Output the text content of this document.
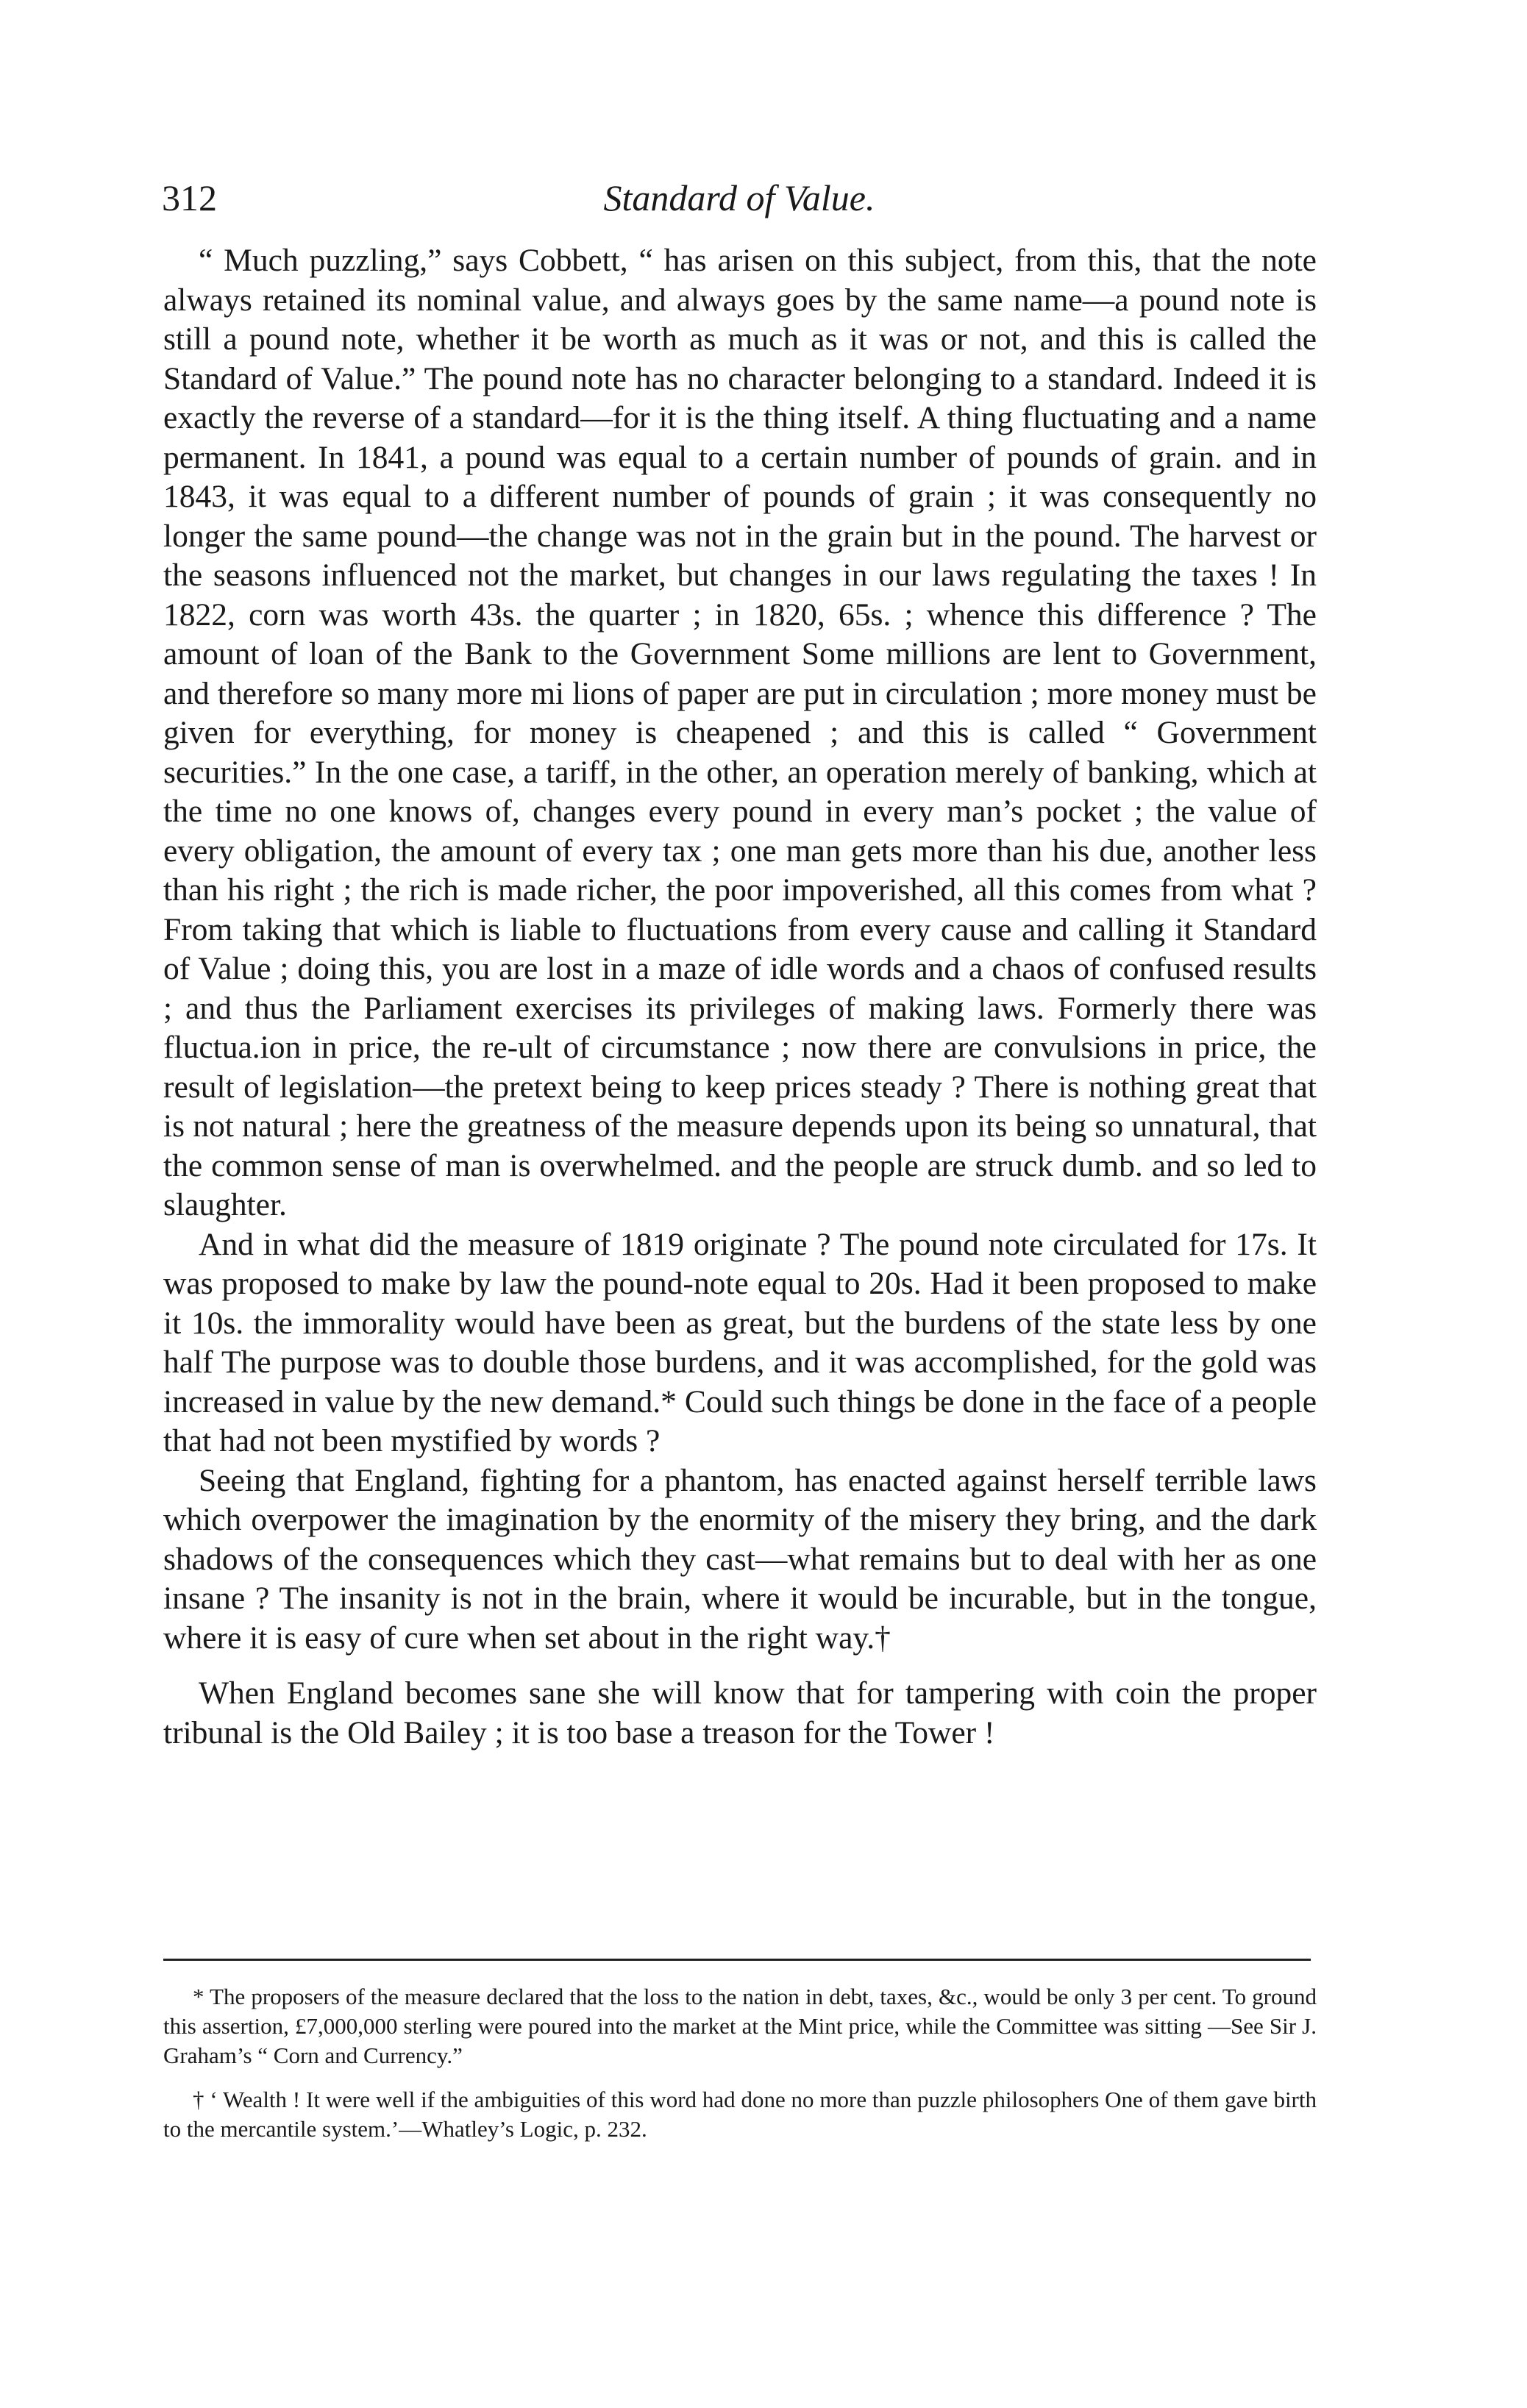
312	Standard of Value.

“ Much puzzling,” says Cobbett, “ has arisen on this subject, from this, that the note always retained its nominal value, and always goes by the same name—a pound note is still a pound note, whether it be worth as much as it was or not, and this is called the Standard of Value.” The pound note has no character belonging to a standard. Indeed it is exactly the reverse of a standard—for it is the thing itself. A thing fluctuating and a name permanent. In 1841, a pound was equal to a certain number of pounds of grain. and in 1843, it was equal to a different number of pounds of grain ; it was consequently no longer the same pound—the change was not in the grain but in the pound. The harvest or the seasons influenced not the market, but changes in our laws regulating the taxes ! In 1822, corn was worth 43s. the quarter ; in 1820, 65s. ; whence this difference ? The amount of loan of the Bank to the Government Some millions are lent to Government, and therefore so many more mi lions of paper are put in circulation ; more money must be given for everything, for money is cheapened ; and this is called “ Government securities.” In the one case, a tariff, in the other, an operation merely of banking, which at the time no one knows of, changes every pound in every man’s pocket ; the value of every obligation, the amount of every tax ; one man gets more than his due, another less than his right ; the rich is made richer, the poor impoverished, all this comes from what ? From taking that which is liable to fluctuations from every cause and calling it Standard of Value ; doing this, you are lost in a maze of idle words and a chaos of confused results ; and thus the Parliament exercises its privileges of making laws. Formerly there was fluctua.ion in price, the re-ult of circumstance ; now there are convulsions in price, the result of legislation—the pretext being to keep prices steady ? There is nothing great that is not natural ; here the greatness of the measure depends upon its being so unnatural, that the common sense of man is overwhelmed. and the people are struck dumb. and so led to slaughter.

And in what did the measure of 1819 originate ? The pound note circulated for 17s. It was proposed to make by law the pound-note equal to 20s. Had it been proposed to make it 10s. the immorality would have been as great, but the burdens of the state less by one half The purpose was to double those burdens, and it was accomplished, for the gold was increased in value by the new demand.* Could such things be done in the face of a people that had not been mystified by words ?

Seeing that England, fighting for a phantom, has enacted against herself terrible laws which overpower the imagination by the enormity of the misery they bring, and the dark shadows of the consequences which they cast—what remains but to deal with her as one insane ? The insanity is not in the brain, where it would be incurable, but in the tongue, where it is easy of cure when set about in the right way.†

When England becomes sane she will know that for tampering with coin the proper tribunal is the Old Bailey ; it is too base a treason for the Tower !

* The proposers of the measure declared that the loss to the nation in debt, taxes, &c., would be only 3 per cent. To ground this assertion, £7,000,000 sterling were poured into the market at the Mint price, while the Committee was sitting —See Sir J. Graham’s “ Corn and Currency.”

† ‘ Wealth ! It were well if the ambiguities of this word had done no more than puzzle philosophers One of them gave birth to the mercantile system.’—Whatley’s Logic, p. 232.
